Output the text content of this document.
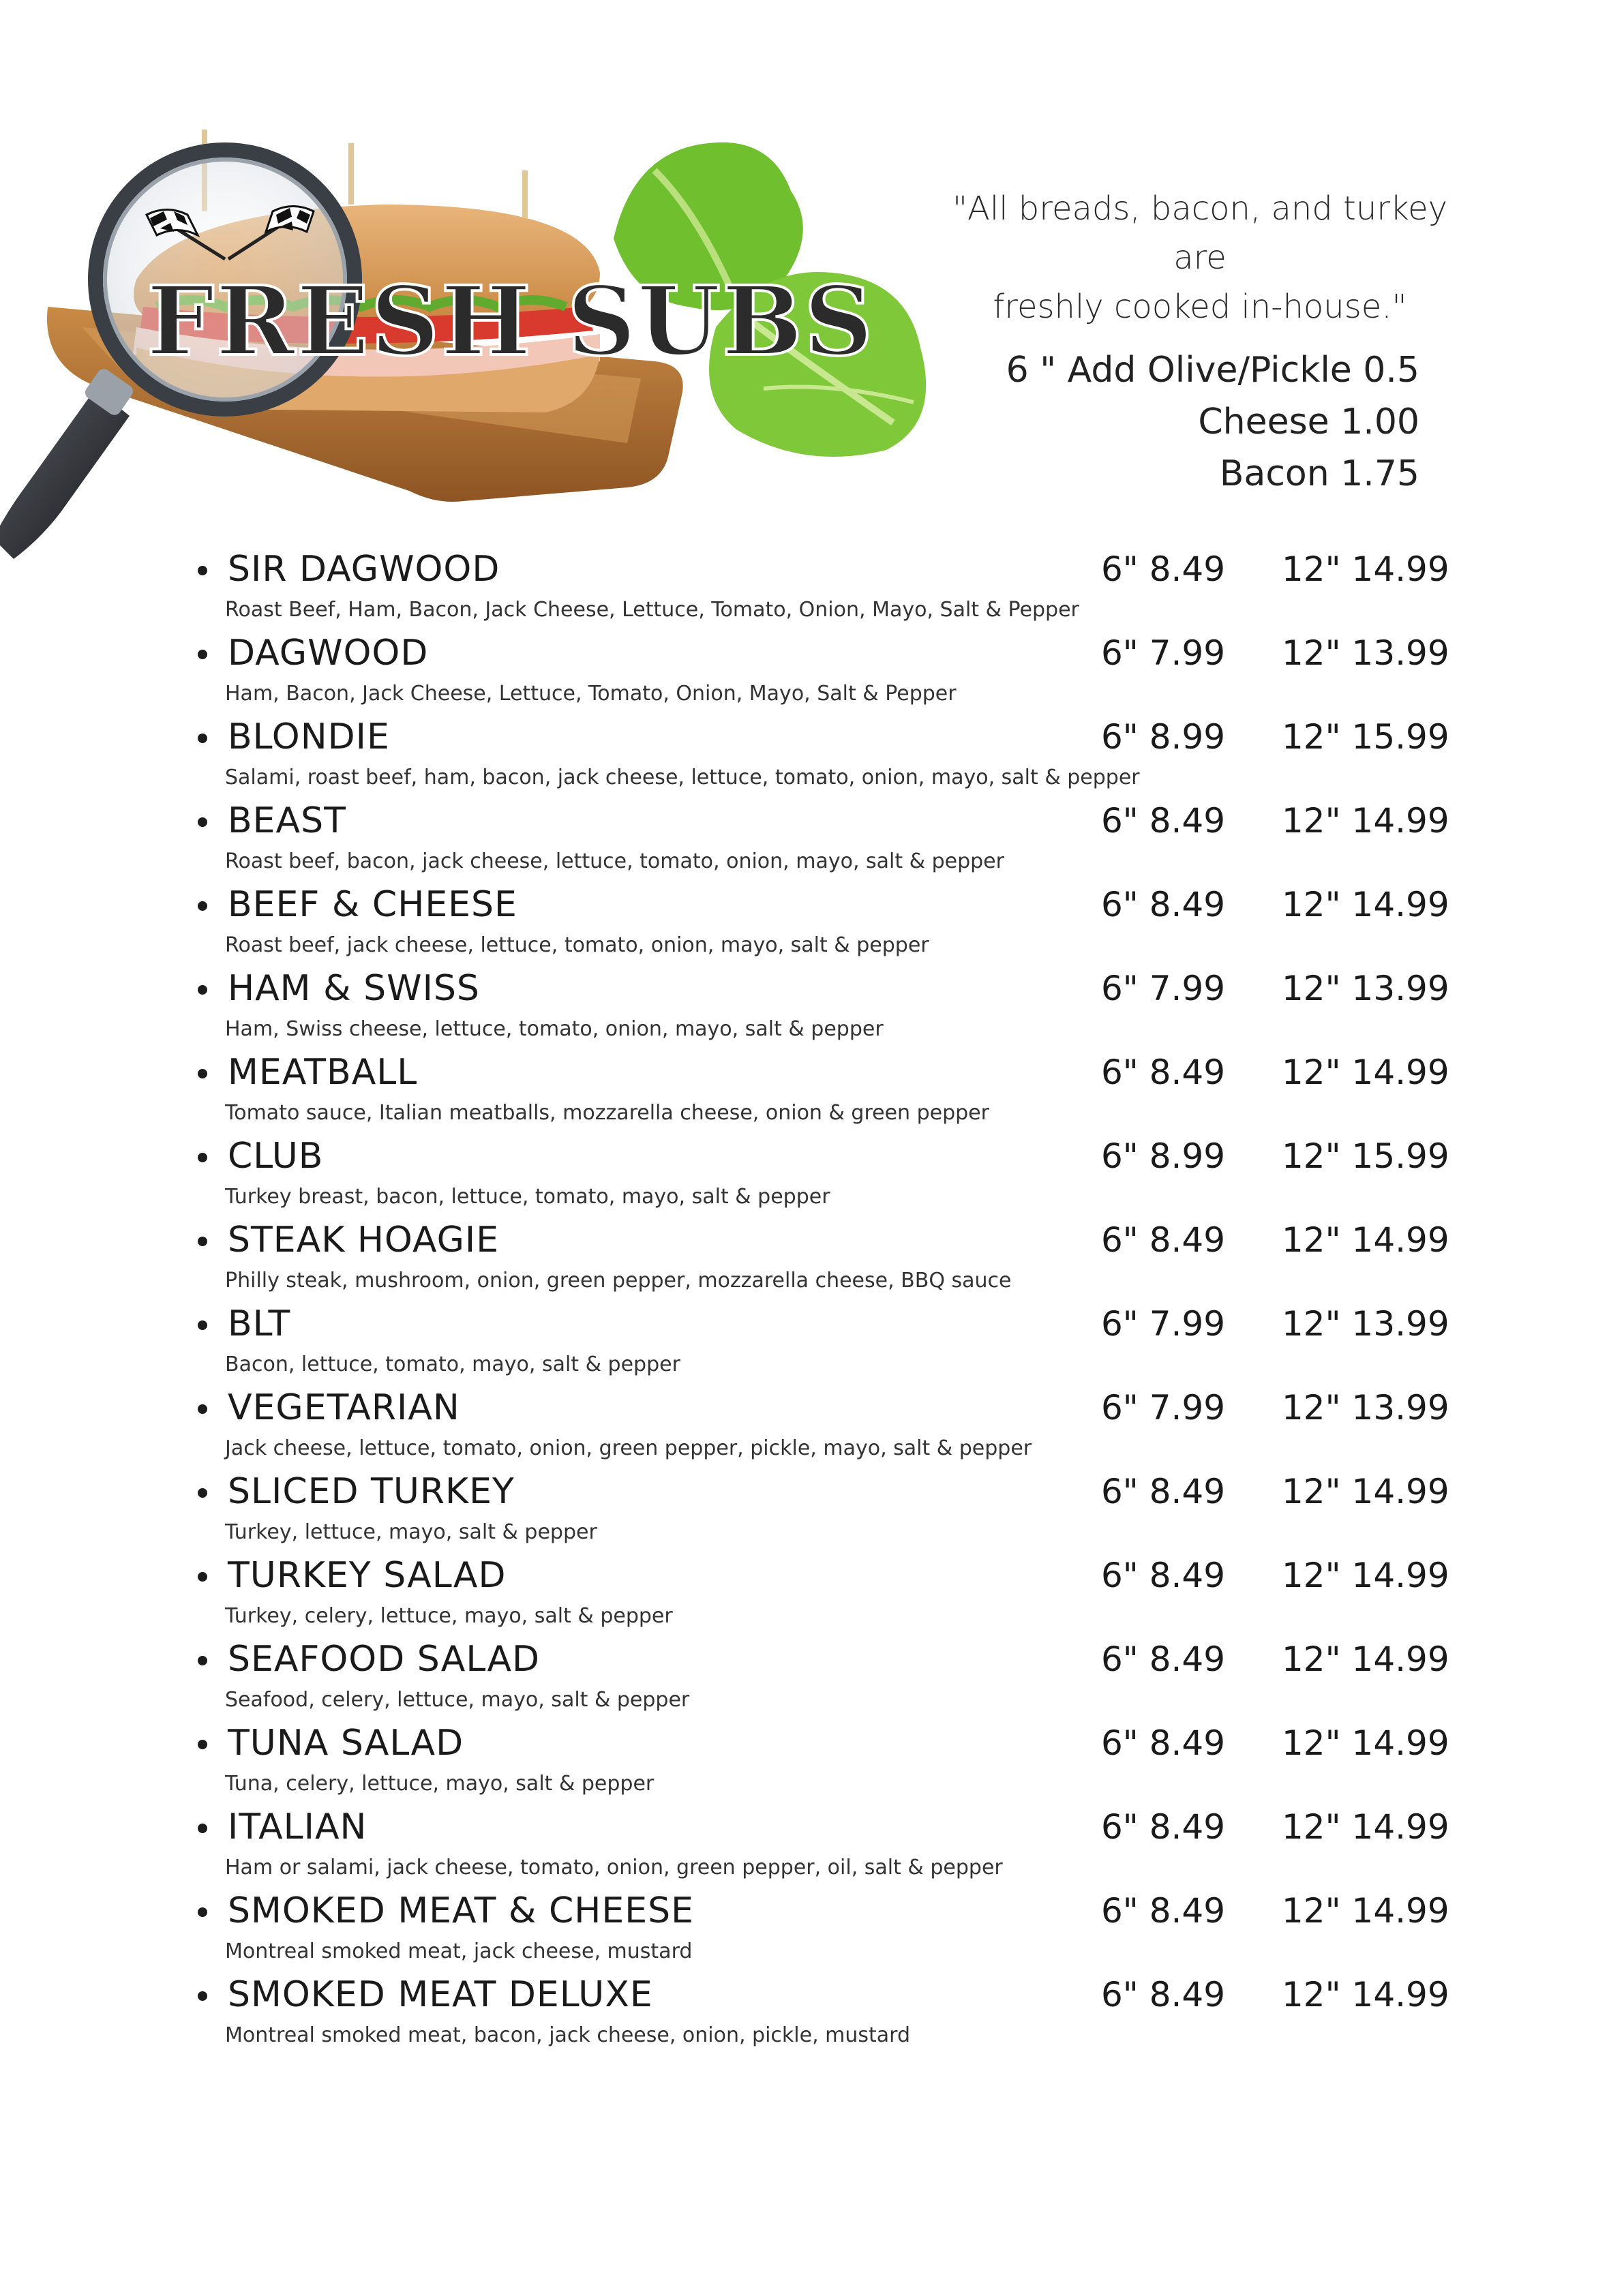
FRESH SUBS
"All breads, bacon, and turkey are
freshly cooked in-house."
6 " Add Olive/Pickle 0.5
Cheese 1.00
Bacon 1.75
SIR DAGWOOD
Roast Beef, Ham, Bacon, Jack Cheese, Lettuce, Tomato, Onion, Mayo, Salt & Pepper
6" 8.49 12" 14.99
DAGWOOD
Ham, Bacon, Jack Cheese, Lettuce, Tomato, Onion, Mayo, Salt & Pepper
6" 7.99 12" 13.99
BLONDIE
Salami, roast beef, ham, bacon, jack cheese, lettuce, tomato, onion, mayo, salt & pepper
6" 8.99 12" 15.99
BEAST
Roast beef, bacon, jack cheese, lettuce, tomato, onion, mayo, salt & pepper
6" 8.49 12" 14.99
BEEF & CHEESE
Roast beef, jack cheese, lettuce, tomato, onion, mayo, salt & pepper
6" 8.49 12" 14.99
HAM & SWISS
Ham, Swiss cheese, lettuce, tomato, onion, mayo, salt & pepper
6" 7.99 12" 13.99
MEATBALL
Tomato sauce, Italian meatballs, mozzarella cheese, onion & green pepper
6" 8.49 12" 14.99
CLUB
Turkey breast, bacon, lettuce, tomato, mayo, salt & pepper
6" 8.99 12" 15.99
STEAK HOAGIE
Philly steak, mushroom, onion, green pepper, mozzarella cheese, BBQ sauce
6" 8.49 12" 14.99
BLT
Bacon, lettuce, tomato, mayo, salt & pepper
6" 7.99 12" 13.99
VEGETARIAN
Jack cheese, lettuce, tomato, onion, green pepper, pickle, mayo, salt & pepper
6" 7.99 12" 13.99
SLICED TURKEY
Turkey, lettuce, mayo, salt & pepper
6" 8.49 12" 14.99
TURKEY SALAD
Turkey, celery, lettuce, mayo, salt & pepper
6" 8.49 12" 14.99
SEAFOOD SALAD
Seafood, celery, lettuce, mayo, salt & pepper
6" 8.49 12" 14.99
TUNA SALAD
Tuna, celery, lettuce, mayo, salt & pepper
6" 8.49 12" 14.99
ITALIAN
Ham or salami, jack cheese, tomato, onion, green pepper, oil, salt & pepper
6" 8.49 12" 14.99
SMOKED MEAT & CHEESE
Montreal smoked meat, jack cheese, mustard
6" 8.49 12" 14.99
SMOKED MEAT DELUXE
Montreal smoked meat, bacon, jack cheese, onion, pickle, mustard
6" 8.49 12" 14.99
